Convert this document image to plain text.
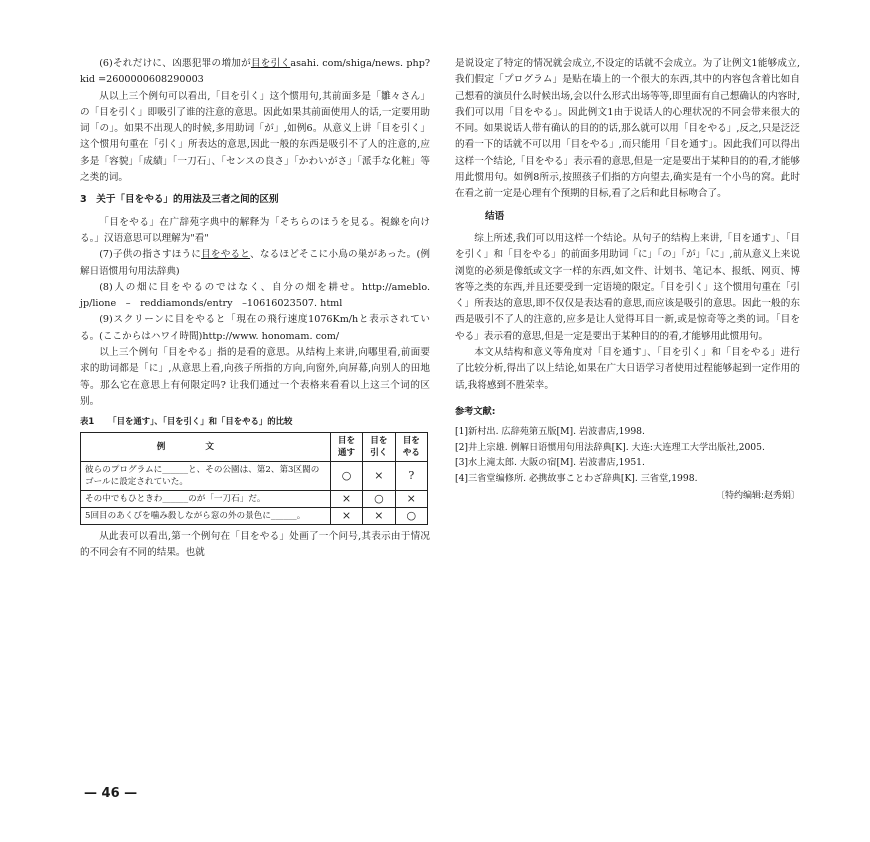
(6)それだけに、凶悪犯罪の増加が目を引くasahi. com/shiga/news. php? kid =2600000608290003

从以上三个例句可以看出,「目を引く」这个惯用句,其前面多是「雛々さん」の「目を引く」即吸引了谁的注意的意思。因此如果其前面使用人的话,一定要用助词「の」。如果不出现人的时候,多用助词「が」,如例6。从意义上讲「目を引く」这个惯用句重在「引く」所表达的意思,因此一般的东西是吸引不了人的注意的,应多是「容貌」「成績」「一刀石」、「センスの良さ」「かわいがさ」「派手な化粧」等之类的词。

3　关于「目をやる」的用法及三者之间的区别

「目をやる」在广辞苑字典中的解释为「そちらのほうを見る。視線を向ける。」汉语意思可以理解为"看"

(7)子供の指さすほうに目をやると、なるほどそこに小鳥の巣があった。(例解日语惯用句用法辞典)

(8)人の畑に目をやるのではなく、自分の畑を耕せ。http://ameblo. jp/lione　–　reddiamonds/entry　–10616023507. html

(9)スクリーンに目をやると「現在の飛行速度1076Km/hと表示されている。(ここからはハワイ時間)http://www. honomam. com/

以上三个例句「目をやる」指的是看的意思。从结构上来讲,向哪里看,前面要求的助词都是「に」,从意思上看,向孩子所指的方向,向窗外,向屏幕,向别人的田地等。那么它在意思上有何限定吗? 让我们通过一个表格来看看以上这三个词的区别。

表1 「目を通す」、「目を引く」和「目をやる」的比较
例文	目を通す	目を引く	目をやる
彼らのプログラムに______と、その公園は、第2、第3区閥のゴールに設定されていた。	○	×	?
その中でもひときわ______のが「一刀石」だ。	×	○	×
5回目のあくびを噛み殺しながら窓の外の景色に______。	×	×	○

从此表可以看出,第一个例句在「目をやる」处画了一个问号,其表示由于情况的不同会有不同的结果。也就

是说设定了特定的情况就会成立,不设定的话就不会成立。为了让例文1能够成立,我们假定「プログラム」是贴在墙上的一个很大的东西,其中的内容包含着比如自己想看的演员什么时候出场,会以什么形式出场等等,即里面有自己想确认的内容时,我们可以用「目をやる」。因此例文1由于说话人的心理状况的不同会带来很大的不同。如果说话人带有确认的目的的话,那么就可以用「目をやる」,反之,只是泛泛的看一下的话就不可以用「目をやる」,而只能用「目を通す」。因此我们可以得出这样一个结论,「目をやる」表示看的意思,但是一定是要出于某种目的的看,才能够用此惯用句。如例8所示,按照孩子们指的方向望去,确实是有一个小鸟的窝。此时在看之前一定是心理有个预期的目标,看了之后和此目标吻合了。

结语

综上所述,我们可以用这样一个结论。从句子的结构上来讲,「目を通す」、「目を引く」和「目をやる」的前面多用助词「に」「の」「が」「に」,前从意义上来说浏览的必须是像纸或文字一样的东西,如文件、计划书、笔记本、报纸、网页、博客等之类的东西,并且还要受到一定语境的限定。「目を引く」这个惯用句重在「引く」所表达的意思,即不仅仅是表达看的意思,而应该是吸引的意思。因此一般的东西是吸引不了人的注意的,应多是让人觉得耳目一新,或是惊奇等之类的词。「目をやる」表示看的意思,但是一定是要出于某种目的的看,才能够用此惯用句。

本文从结构和意义等角度对「目を通す」、「目を引く」和「目をやる」进行了比较分析,得出了以上结论,如果在广大日语学习者使用过程能够起到一定作用的话,我将感到不胜荣幸。

参考文献:
[1]新村出. 広辞苑第五版[M]. 岩波書店,1998.
[2]井上宗雄. 例解日语惯用句用法辞典[K]. 大连:大连理工大学出版社,2005.
[3]水上滝太郎. 大阪の宿[M]. 岩波書店,1951.
[4]三省堂编修所. 必携故事ことわざ辞典[K]. 三省堂,1998.
〔特约编辑:赵秀娟〕
— 46 —
